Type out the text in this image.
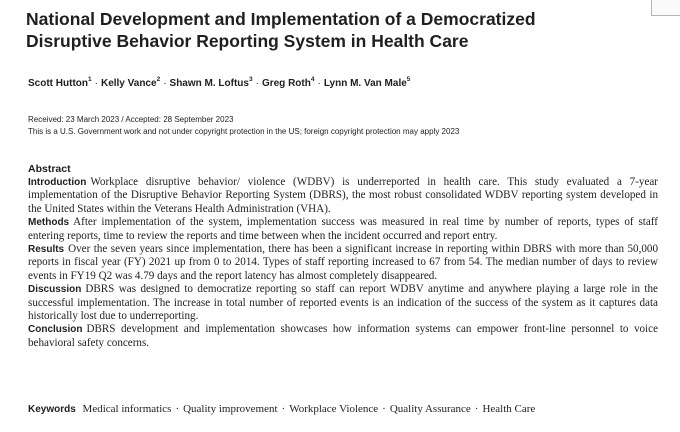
National Development and Implementation of a Democratized
Disruptive Behavior Reporting System in Health Care
Scott Hutton$^1$ · Kelly Vance$^2$ · Shawn M. Loftus$^3$ · Greg Roth$^4$ · Lynn M. Van Male$^5$
Received: 23 March 2023 / Accepted: 28 September 2023
This is a U.S. Government work and not under copyright protection in the US; foreign copyright protection may apply 2023

Abstract

Introduction Workplace disruptive behavior/ violence (WDBV) is underreported in health care. This study evaluated a 7-year implementation of the Disruptive Behavior Reporting System (DBRS), the most robust consolidated WDBV reporting system developed in the United States within the Veterans Health Administration (VHA).

Methods After implementation of the system, implementation success was measured in real time by number of reports, types of staff entering reports, time to review the reports and time between when the incident occurred and report entry.

Results Over the seven years since implementation, there has been a significant increase in reporting within DBRS with more than 50,000 reports in fiscal year (FY) 2021 up from 0 to 2014. Types of staff reporting increased to 67 from 54. The median number of days to review events in FY19 Q2 was 4.79 days and the report latency has almost completely disappeared.

Discussion DBRS was designed to democratize reporting so staff can report WDBV anytime and anywhere playing a large role in the successful implementation. The increase in total number of reported events is an indication of the success of the system as it captures data historically lost due to underreporting.

Conclusion DBRS development and implementation showcases how information systems can empower front-line personnel to voice behavioral safety concerns.

Keywords Medical informatics · Quality improvement · Workplace Violence · Quality Assurance · Health Care
